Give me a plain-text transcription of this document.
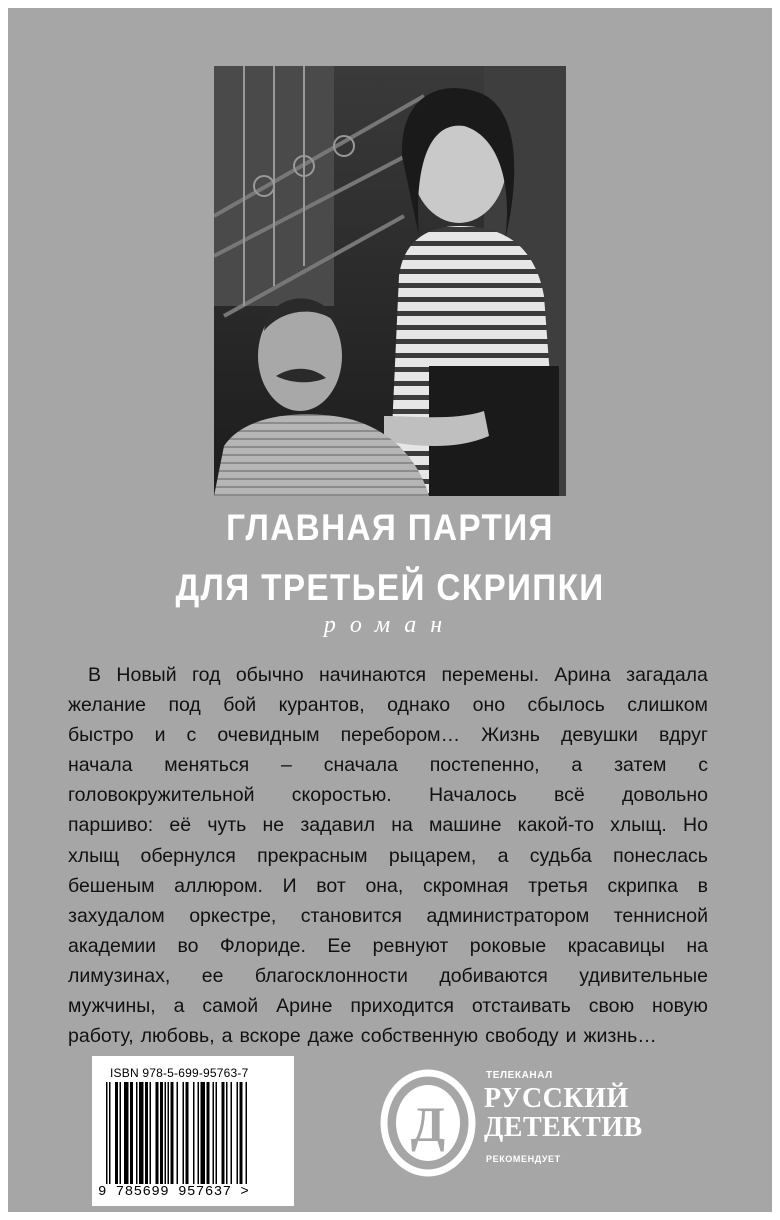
ГЛАВНАЯ ПАРТИЯ
ДЛЯ ТРЕТЬЕЙ СКРИПКИ
роман
В Новый год обычно начинаются перемены. Арина загадала
желание под бой курантов, однако оно сбылось слишком
быстро и с очевидным перебором… Жизнь девушки вдруг
начала меняться – сначала постепенно, а затем с
головокружительной скоростью. Началось всё довольно
паршиво: её чуть не задавил на машине какой-то хлыщ. Но
хлыщ обернулся прекрасным рыцарем, а судьба понеслась
бешеным аллюром. И вот она, скромная третья скрипка в
захудалом оркестре, становится администратором теннисной
академии во Флориде. Ее ревнуют роковые красавицы на
лимузинах, ее благосклонности добиваются удивительные
мужчины, а самой Арине приходится отстаивать свою новую
работу, любовь, а вскоре даже собственную свободу и жизнь…
ISBN 978-5-699-95763-7
9 785699 957637 >
Д
ТЕЛЕКАНАЛ
РУССКИЙ
ДЕТЕКТИВ
РЕКОМЕНДУЕТ
